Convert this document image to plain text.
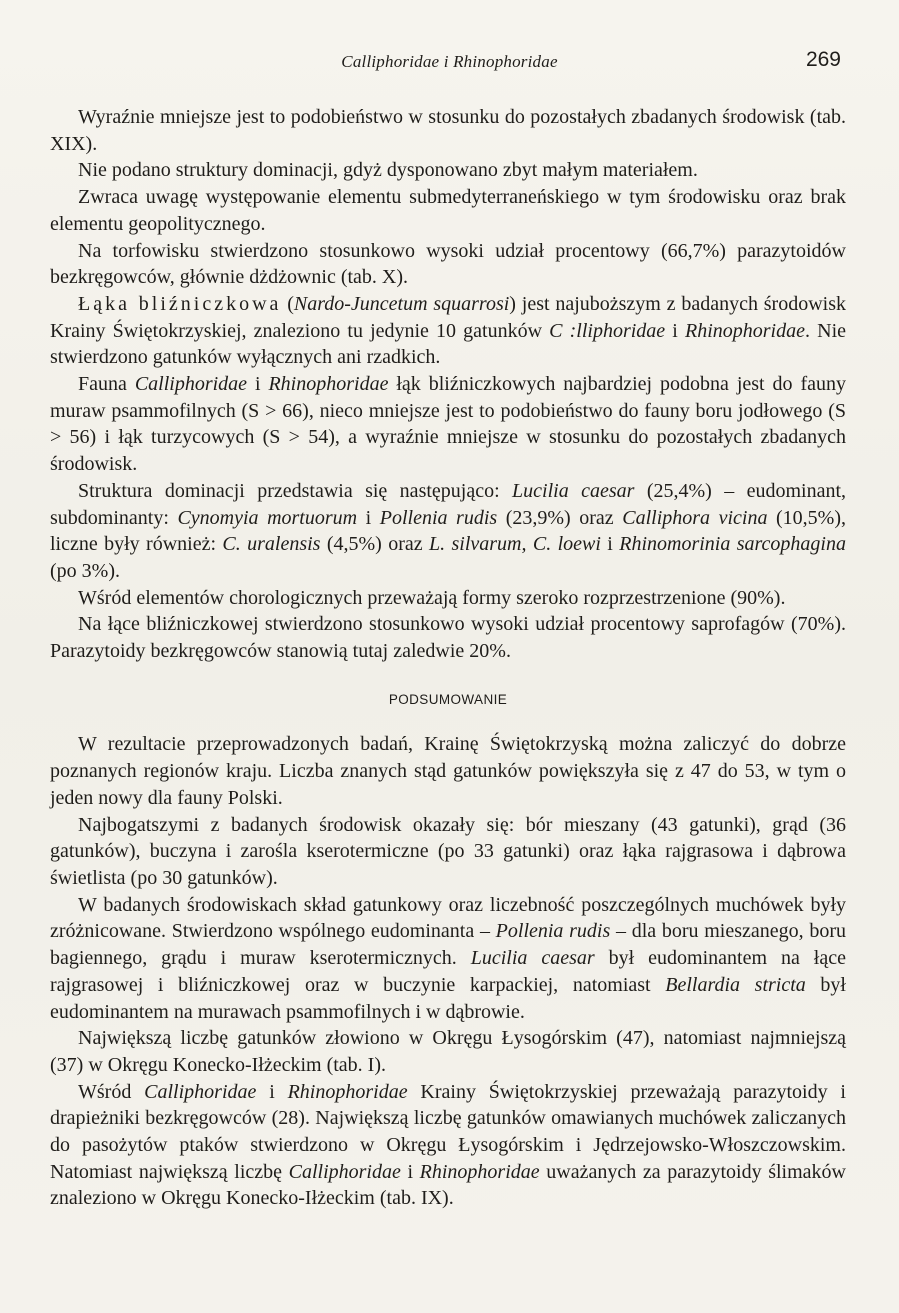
Calliphoridae i Rhinophoridae	269

Wyraźnie mniejsze jest to podobieństwo w stosunku do pozostałych zbadanych środowisk (tab. XIX).

Nie podano struktury dominacji, gdyż dysponowano zbyt małym materiałem.

Zwraca uwagę występowanie elementu submedyterraneńskiego w tym środowisku oraz brak elementu geopolitycznego.

Na torfowisku stwierdzono stosunkowo wysoki udział procentowy (66,7%) parazytoidów bezkręgowców, głównie dżdżownic (tab. X).

Łąka bliźniczkowa (Nardo-Juncetum squarrosi) jest najuboższym z badanych środowisk Krainy Świętokrzyskiej, znaleziono tu jedynie 10 gatunków C :lliphoridae i Rhinophoridae. Nie stwierdzono gatunków wyłącznych ani rzadkich.

Fauna Calliphoridae i Rhinophoridae łąk bliźniczkowych najbardziej podobna jest do fauny muraw psammofilnych (S > 66), nieco mniejsze jest to podobieństwo do fauny boru jodłowego (S > 56) i łąk turzycowych (S > 54), a wyraźnie mniejsze w stosunku do pozostałych zbadanych środowisk.

Struktura dominacji przedstawia się następująco: Lucilia caesar (25,4%) – eudominant, subdominanty: Cynomyia mortuorum i Pollenia rudis (23,9%) oraz Calliphora vicina (10,5%), liczne były również: C. uralensis (4,5%) oraz L. silvarum, C. loewi i Rhinomorinia sarcophagina (po 3%).

Wśród elementów chorologicznych przeważają formy szeroko rozprzestrzenione (90%).

Na łące bliźniczkowej stwierdzono stosunkowo wysoki udział procentowy saprofagów (70%). Parazytoidy bezkręgowców stanowią tutaj zaledwie 20%.

PODSUMOWANIE

W rezultacie przeprowadzonych badań, Krainę Świętokrzyską można zaliczyć do dobrze poznanych regionów kraju. Liczba znanych stąd gatunków powiększyła się z 47 do 53, w tym o jeden nowy dla fauny Polski.

Najbogatszymi z badanych środowisk okazały się: bór mieszany (43 gatunki), grąd (36 gatunków), buczyna i zarośla kserotermiczne (po 33 gatunki) oraz łąka rajgrasowa i dąbrowa świetlista (po 30 gatunków).

W badanych środowiskach skład gatunkowy oraz liczebność poszczególnych muchówek były zróżnicowane. Stwierdzono wspólnego eudominanta – Pollenia rudis – dla boru mieszanego, boru bagiennego, grądu i muraw kserotermicznych. Lucilia caesar był eudominantem na łące rajgrasowej i bliźniczkowej oraz w buczynie karpackiej, natomiast Bellardia stricta był eudominantem na murawach psammofilnych i w dąbrowie.

Największą liczbę gatunków złowiono w Okręgu Łysogórskim (47), natomiast najmniejszą (37) w Okręgu Konecko-Iłżeckim (tab. I).

Wśród Calliphoridae i Rhinophoridae Krainy Świętokrzyskiej przeważają parazytoidy i drapieżniki bezkręgowców (28). Największą liczbę gatunków omawianych muchówek zaliczanych do pasożytów ptaków stwierdzono w Okręgu Łysogórskim i Jędrzejowsko-Włoszczowskim. Natomiast największą liczbę Calliphoridae i Rhinophoridae uważanych za parazytoidy ślimaków znaleziono w Okręgu Konecko-Iłżeckim (tab. IX).
